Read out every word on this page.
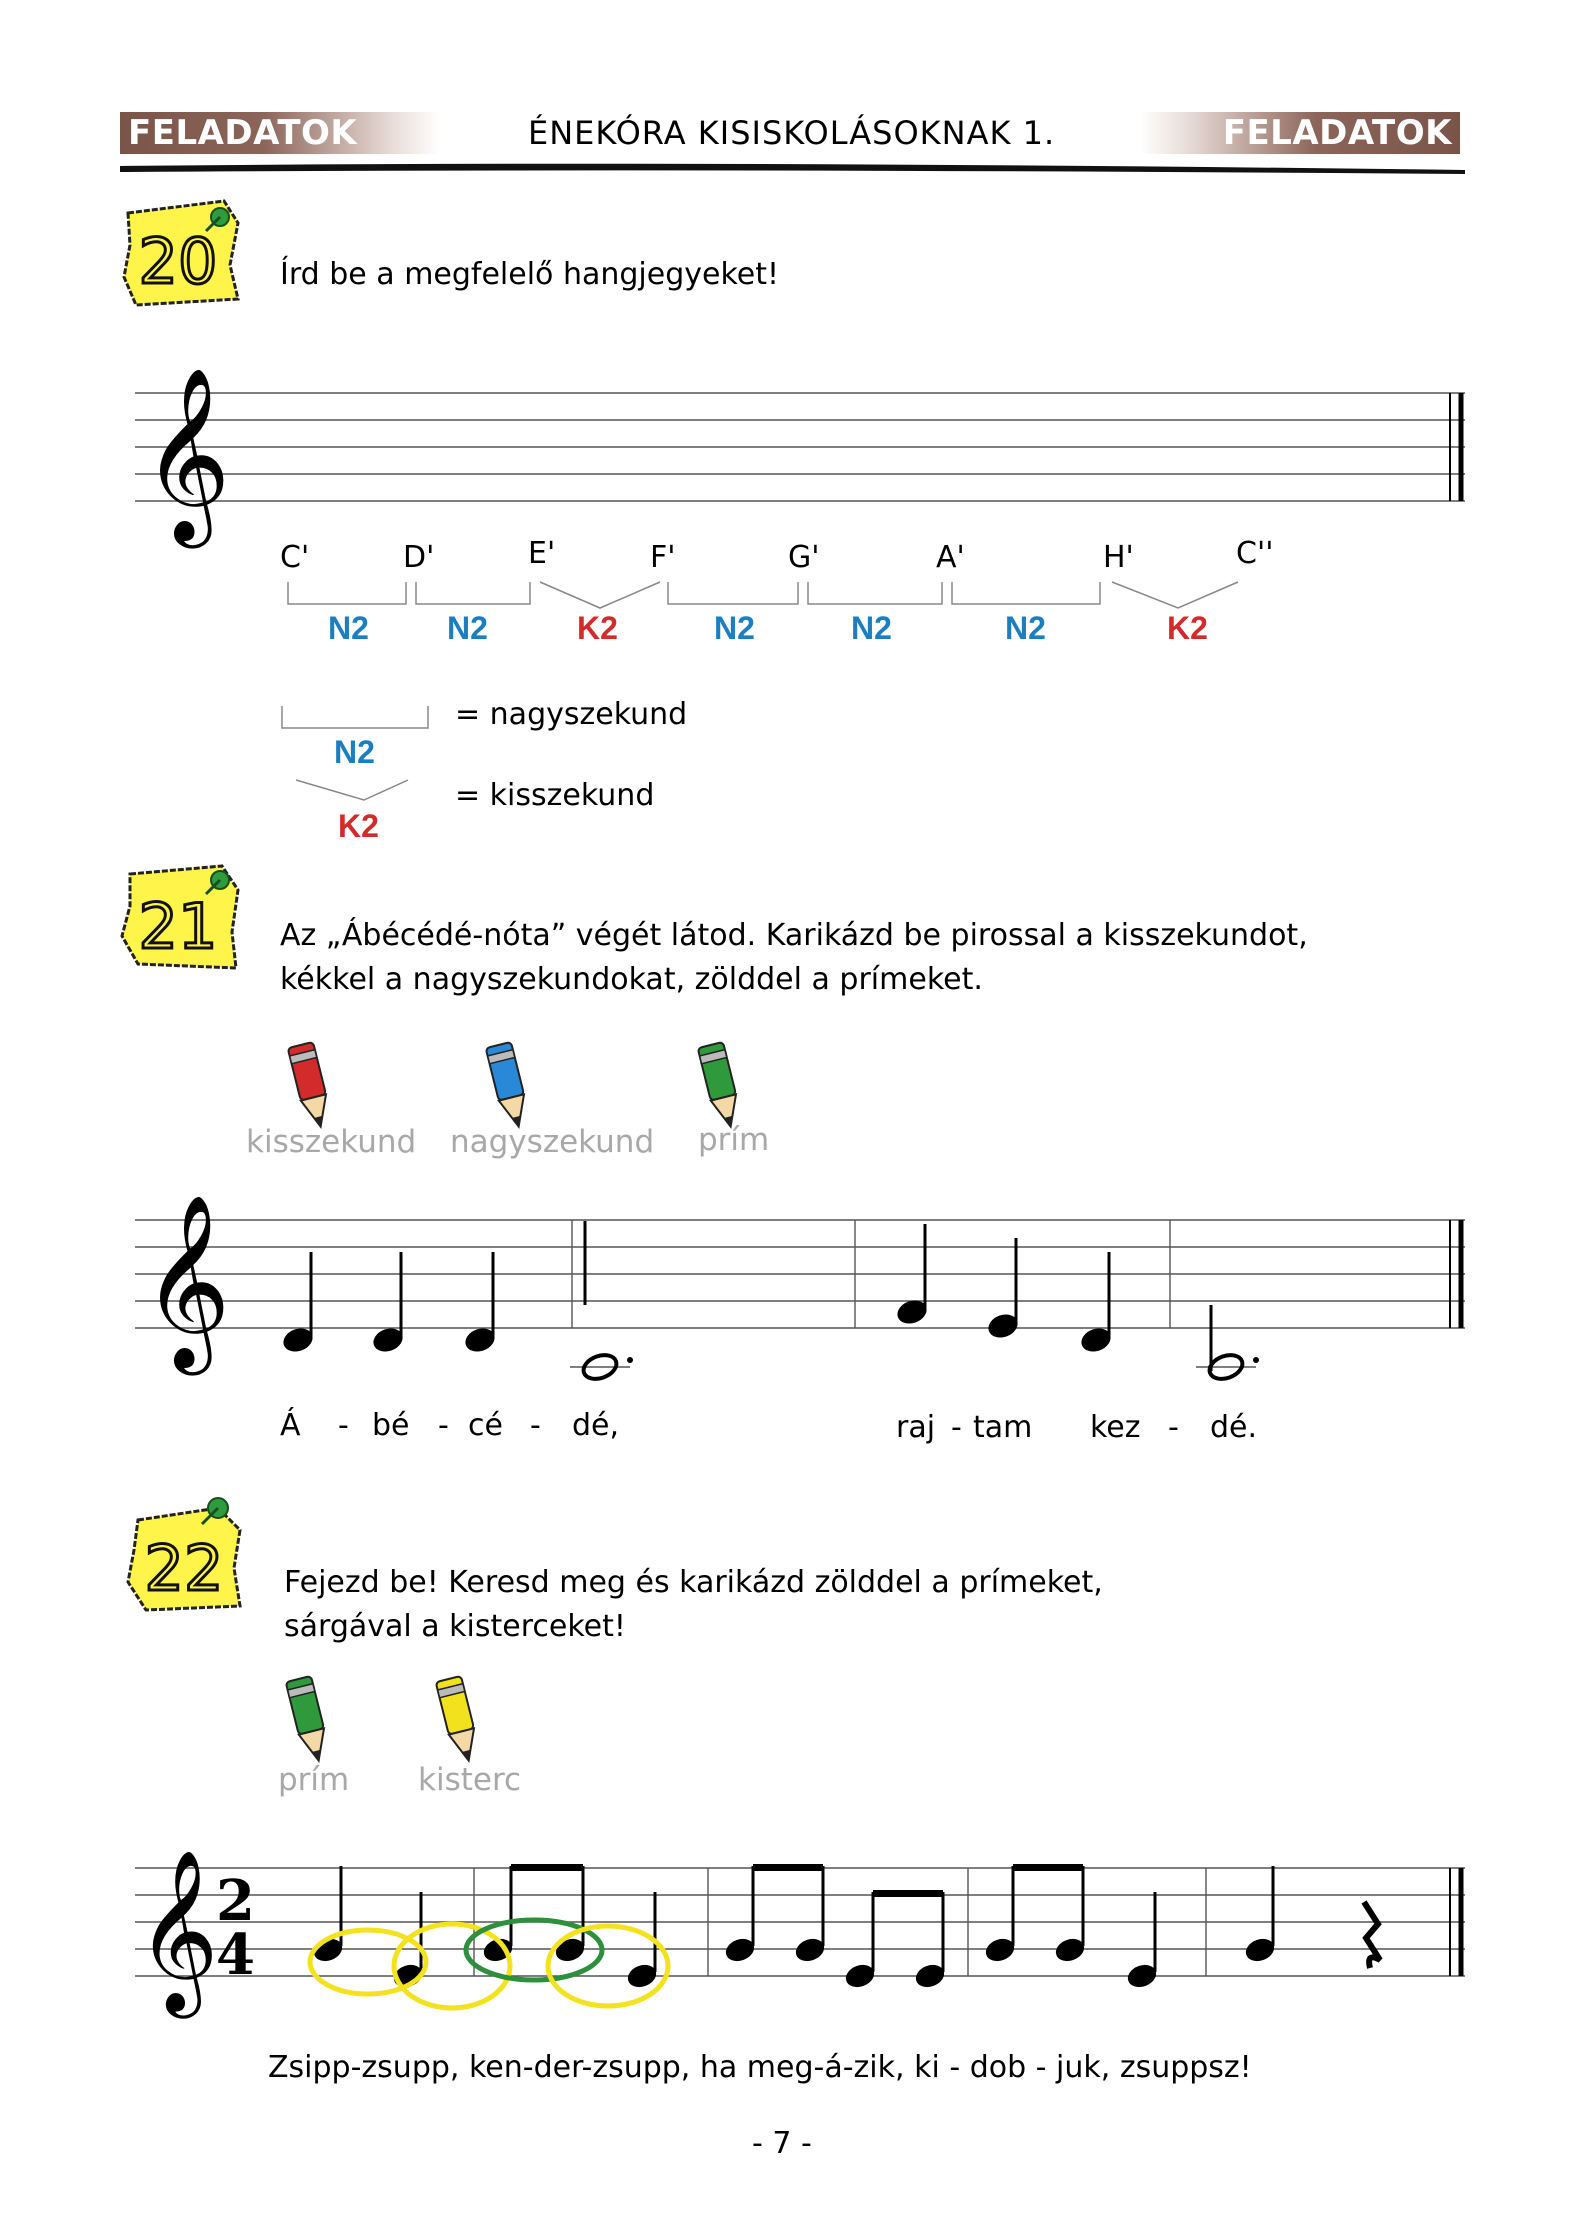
FELADATOK	ÉNEKÓRA KISISKOLÁSOKNAK 1.	FELADATOK
20 Írd be a megfelelő hangjegyeket!
𝄞
C'	D'	E'	F'	G'	A'	H'	C''
N2 N2	K2	N2	N2	N2	K2
N2
= nagyszekund
K2
= kisszekund
21 Az „Ábécédé-nóta” végét látod. Karikázd be pirossal a kisszekundot,
kékkel a nagyszekundokat, zölddel a prímeket.
kisszekund nagyszekund prím
𝄞
Á - bé - cé - dé,	raj - tam kez - dé.
22 Fejezd be! Keresd meg és karikázd zölddel a prímeket,
sárgával a kisterceket!
prím kisterc
𝄞
2
4
Zsipp-zsupp, ken-der-zsupp, ha meg-á-zik, ki - dob - juk, zsuppsz!
- 7 -
